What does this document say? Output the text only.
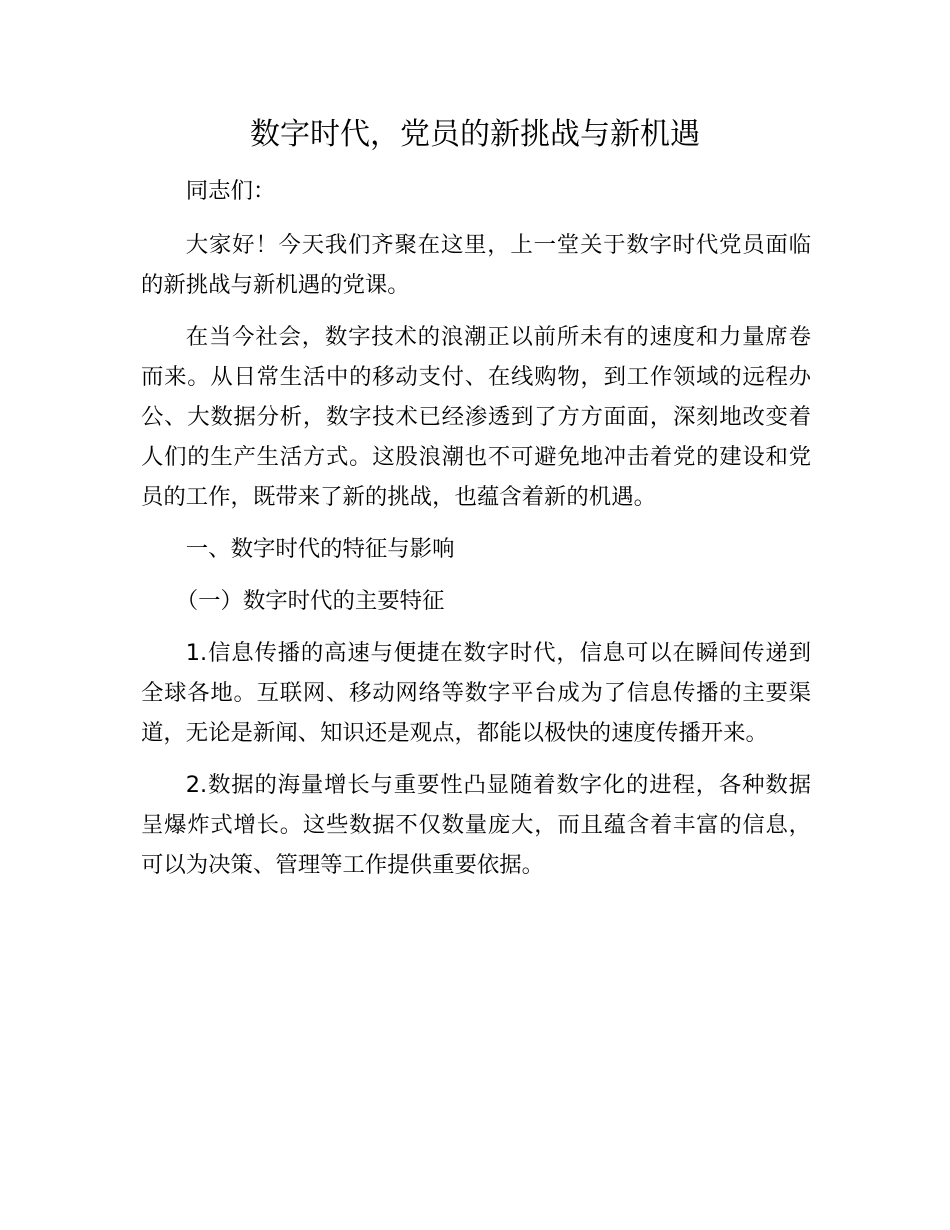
数字时代，党员的新挑战与新机遇

同志们：

大家好！今天我们齐聚在这里，上一堂关于数字时代党员面临的新挑战与新机遇的党课。

在当今社会，数字技术的浪潮正以前所未有的速度和力量席卷而来。从日常生活中的移动支付、在线购物，到工作领域的远程办公、大数据分析，数字技术已经渗透到了方方面面，深刻地改变着人们的生产生活方式。这股浪潮也不可避免地冲击着党的建设和党员的工作，既带来了新的挑战，也蕴含着新的机遇。

一、数字时代的特征与影响

（一）数字时代的主要特征

1.信息传播的高速与便捷在数字时代，信息可以在瞬间传递到全球各地。互联网、移动网络等数字平台成为了信息传播的主要渠道，无论是新闻、知识还是观点，都能以极快的速度传播开来。

2.数据的海量增长与重要性凸显随着数字化的进程，各种数据呈爆炸式增长。这些数据不仅数量庞大，而且蕴含着丰富的信息，可以为决策、管理等工作提供重要依据。
